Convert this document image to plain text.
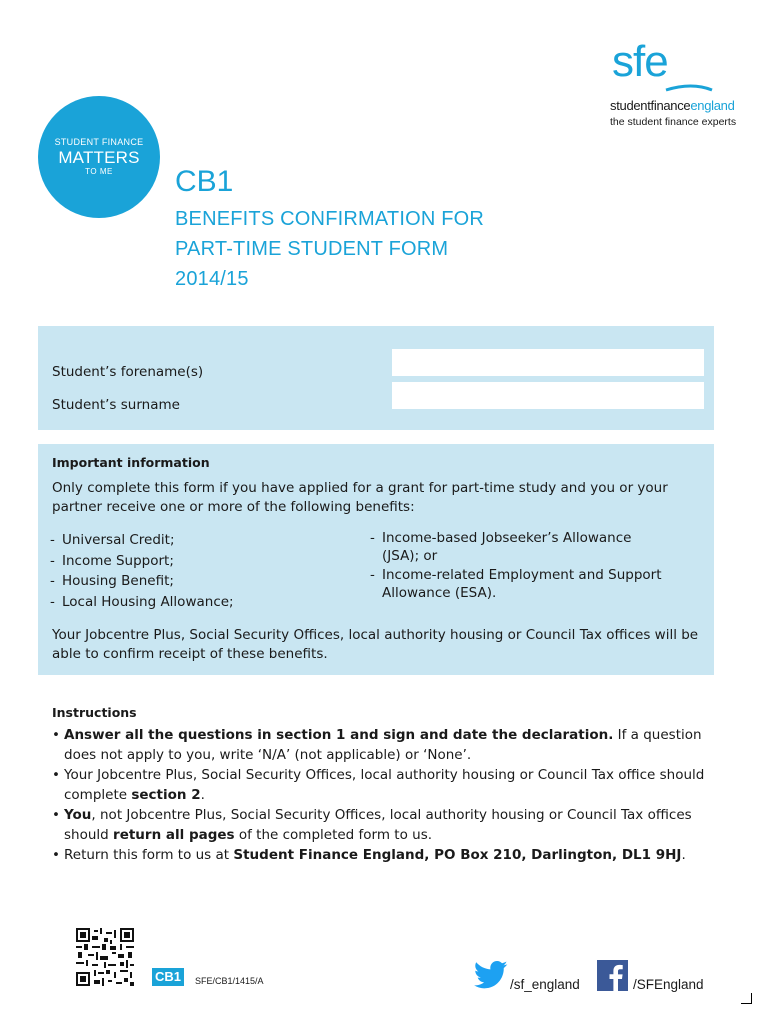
sfe
studentfinanceengland
the student finance experts
STUDENT FINANCE
MATTERS
TO ME	CB1
BENEFITS CONFIRMATION FOR
PART-TIME STUDENT FORM
2014/15
Student’s forename(s)
Student’s surname
Important information
Only complete this form if you have applied for a grant for part-time study and you or your partner receive one or more of the following benefits:
- Universal Credit;
- Income Support;
- Housing Benefit;
- Local Housing Allowance;
- Income-based Jobseeker’s Allowance (JSA); or
- Income-related Employment and Support Allowance (ESA).
Your Jobcentre Plus, Social Security Offices, local authority housing or Council Tax offices will be able to confirm receipt of these benefits.
Instructions
• Answer all the questions in section 1 and sign and date the declaration. If a question does not apply to you, write ‘N/A’ (not applicable) or ‘None’.
• Your Jobcentre Plus, Social Security Offices, local authority housing or Council Tax office should complete section 2.
• You, not Jobcentre Plus, Social Security Offices, local authority housing or Council Tax offices should return all pages of the completed form to us.
• Return this form to us at Student Finance England, PO Box 210, Darlington, DL1 9HJ.
CB1	SFE/CB1/1415/A	/sf_england	/SFEngland
